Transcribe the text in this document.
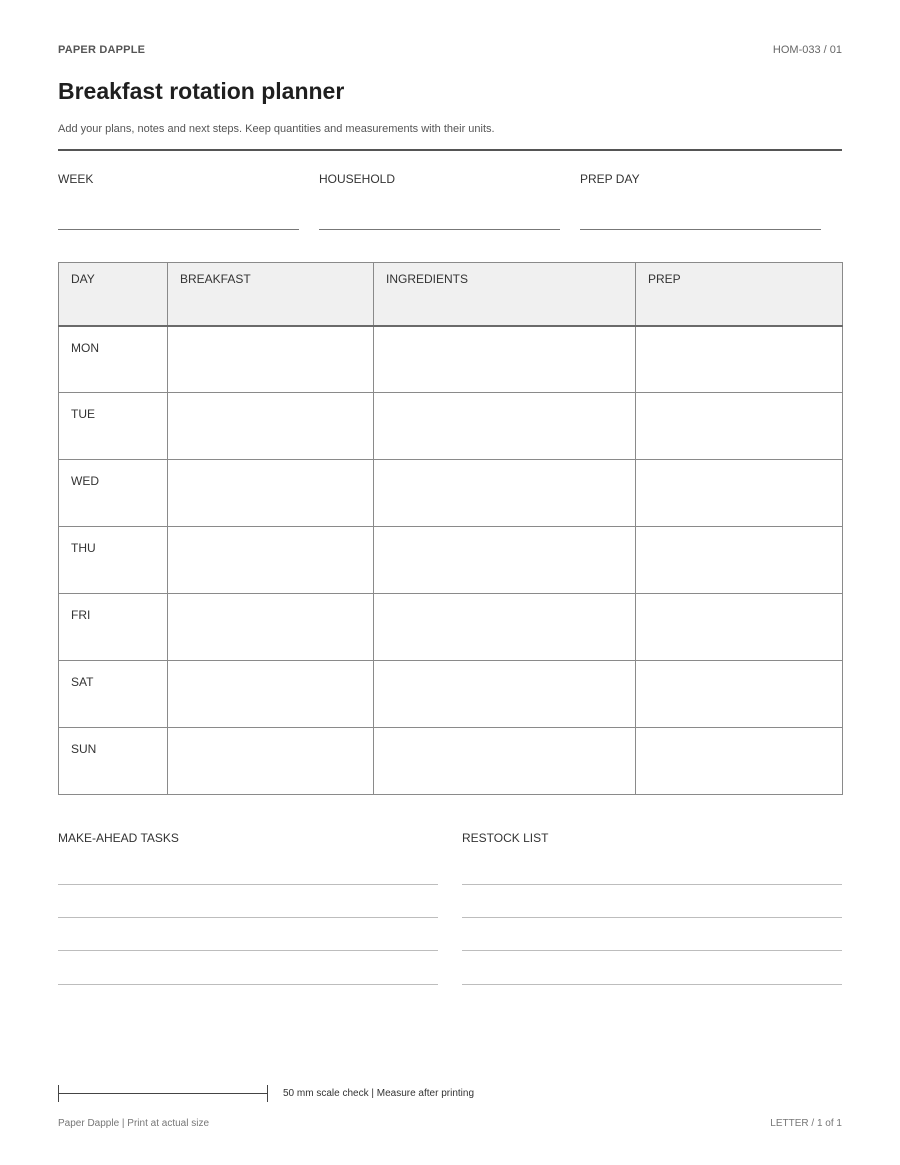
PAPER DAPPLE	HOM-033 / 01
Breakfast rotation planner
Add your plans, notes and next steps. Keep quantities and measurements with their units.
WEEK	HOUSEHOLD	PREP DAY
DAY	BREAKFAST	INGREDIENTS	PREP
MON			
TUE			
WED			
THU			
FRI			
SAT			
SUN			
MAKE-AHEAD TASKS	RESTOCK LIST
50 mm scale check | Measure after printing
Paper Dapple | Print at actual size	LETTER / 1 of 1
